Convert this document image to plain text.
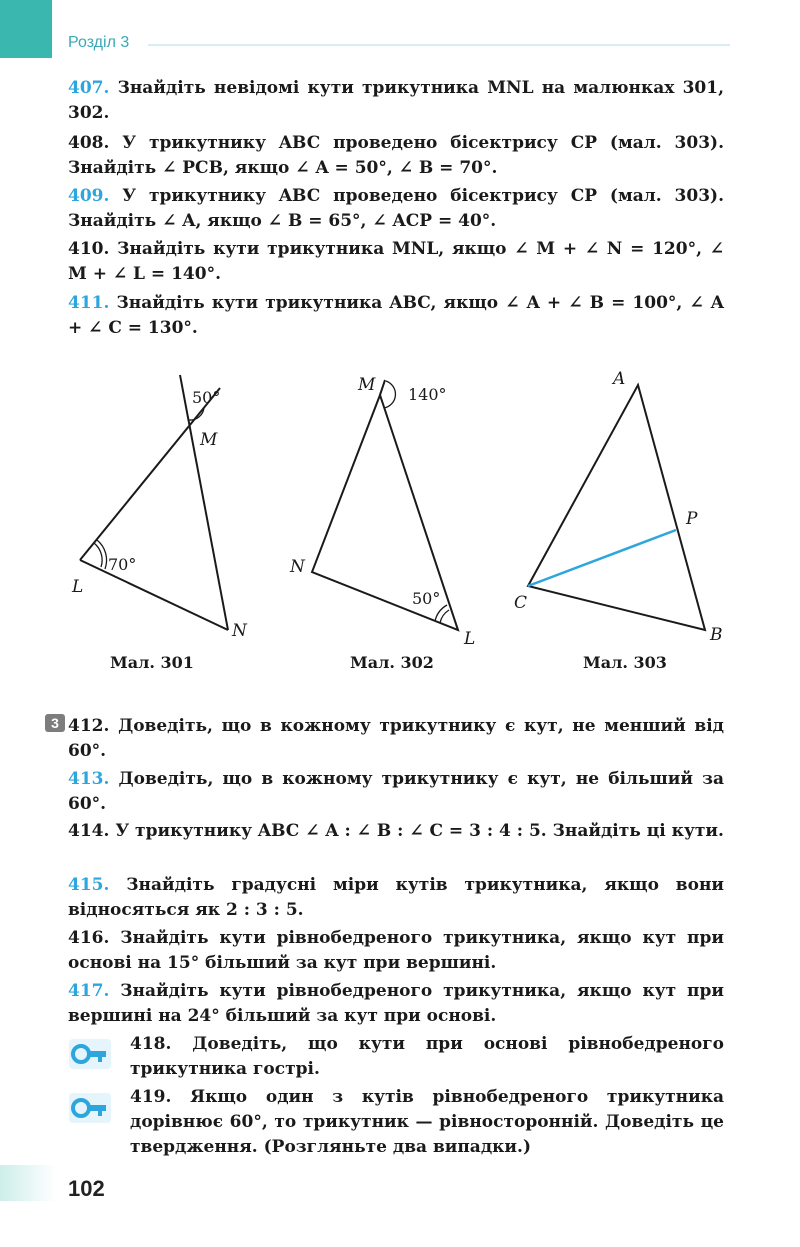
Розділ 3
407. Знайдіть невідомі кути трикутника MNL на малюнках 301, 302.
408. У трикутнику ABC проведено бісектрису CP (мал. 303). Знайдіть ∠ PCB, якщо ∠ A = 50°, ∠ B = 70°.
409. У трикутнику ABC проведено бісектрису CP (мал. 303). Знайдіть ∠ A, якщо ∠ B = 65°, ∠ ACP = 40°.
410. Знайдіть кути трикутника MNL, якщо ∠ M + ∠ N = 120°, ∠ M + ∠ L = 140°.
411. Знайдіть кути трикутника ABC, якщо ∠ A + ∠ B = 100°, ∠ A + ∠ C = 130°.
50°
M
70°
L
N
Мал. 301
M 140°
N
50°
L
Мал. 302
A
P
C
B
Мал. 303
3 412. Доведіть, що в кожному трикутнику є кут, не менший від 60°.
413. Доведіть, що в кожному трикутнику є кут, не більший за 60°.
414. У трикутнику ABC ∠ A : ∠ B : ∠ C = 3 : 4 : 5. Знайдіть ці кути.
415. Знайдіть градусні міри кутів трикутника, якщо вони відносяться як 2 : 3 : 5.
416. Знайдіть кути рівнобедреного трикутника, якщо кут при основі на 15° більший за кут при вершині.
417. Знайдіть кути рівнобедреного трикутника, якщо кут при вершині на 24° більший за кут при основі.
418. Доведіть, що кути при основі рівнобедреного трикутника гострі.
419. Якщо один з кутів рівнобедреного трикутника дорівнює 60°, то трикутник — рівносторонній. Доведіть це твердження. (Розгляньте два випадки.)
102
